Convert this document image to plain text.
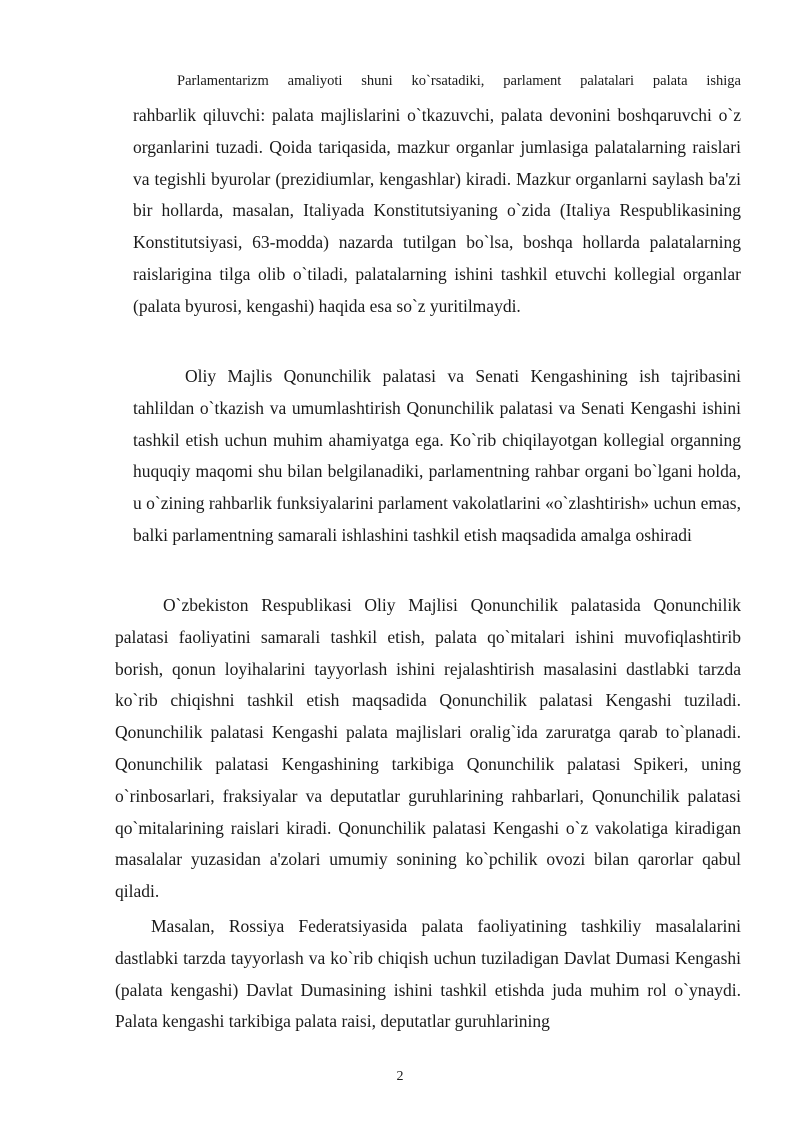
Parlamentarizm amaliyoti shuni ko`rsatadiki, parlament palatalari palata ishiga

rahbarlik qiluvchi: palata majlislarini o`tkazuvchi, palata devonini boshqaruvchi o`z organlarini tuzadi. Qoida tariqasida, mazkur organlar jumlasiga palatalarning raislari va tegishli byurolar (prezidiumlar, kengashlar) kiradi. Mazkur organlarni saylash ba'zi bir hollarda, masalan, Italiyada Konstitutsiyaning o`zida (Italiya Respublikasining Konstitutsiyasi, 63-modda) nazarda tutilgan bo`lsa, boshqa hollarda palatalarning raislarigina tilga olib o`tiladi, palatalarning ishini tashkil etuvchi kollegial organlar (palata byurosi, kengashi) haqida esa so`z yuritilmaydi.

Oliy Majlis Qonunchilik palatasi va Senati Kengashining ish tajribasini tahlildan o`tkazish va umumlashtirish Qonunchilik palatasi va Senati Kengashi ishini tashkil etish uchun muhim ahamiyatga ega. Ko`rib chiqilayotgan kollegial organning huquqiy maqomi shu bilan belgilanadiki, parlamentning rahbar organi bo`lgani holda, u o`zining rahbarlik funksiyalarini parlament vakolatlarini «o`zlashtirish» uchun emas, balki parlamentning samarali ishlashini tashkil etish maqsadida amalga oshiradi

O`zbekiston Respublikasi Oliy Majlisi Qonunchilik palatasida Qonunchilik palatasi faoliyatini samarali tashkil etish, palata qo`mitalari ishini muvofiqlashtirib borish, qonun loyihalarini tayyorlash ishini rejalashtirish masalasini dastlabki tarzda ko`rib chiqishni tashkil etish maqsadida Qonunchilik palatasi Kengashi tuziladi. Qonunchilik palatasi Kengashi palata majlislari oralig`ida zaruratga qarab to`planadi. Qonunchilik palatasi Kengashining tarkibiga Qonunchilik palatasi Spikeri, uning o`rinbosarlari, fraksiyalar va deputatlar guruhlarining rahbarlari, Qonunchilik palatasi qo`mitalarining raislari kiradi. Qonunchilik palatasi Kengashi o`z vakolatiga kiradigan masalalar yuzasidan a'zolari umumiy sonining ko`pchilik ovozi bilan qarorlar qabul qiladi.

Masalan, Rossiya Federatsiyasida palata faoliyatining tashkiliy masalalarini dastlabki tarzda tayyorlash va ko`rib chiqish uchun tuziladigan Davlat Dumasi Kengashi (palata kengashi) Davlat Dumasining ishini tashkil etishda juda muhim rol o`ynaydi. Palata kengashi tarkibiga palata raisi, deputatlar guruhlarining

2
